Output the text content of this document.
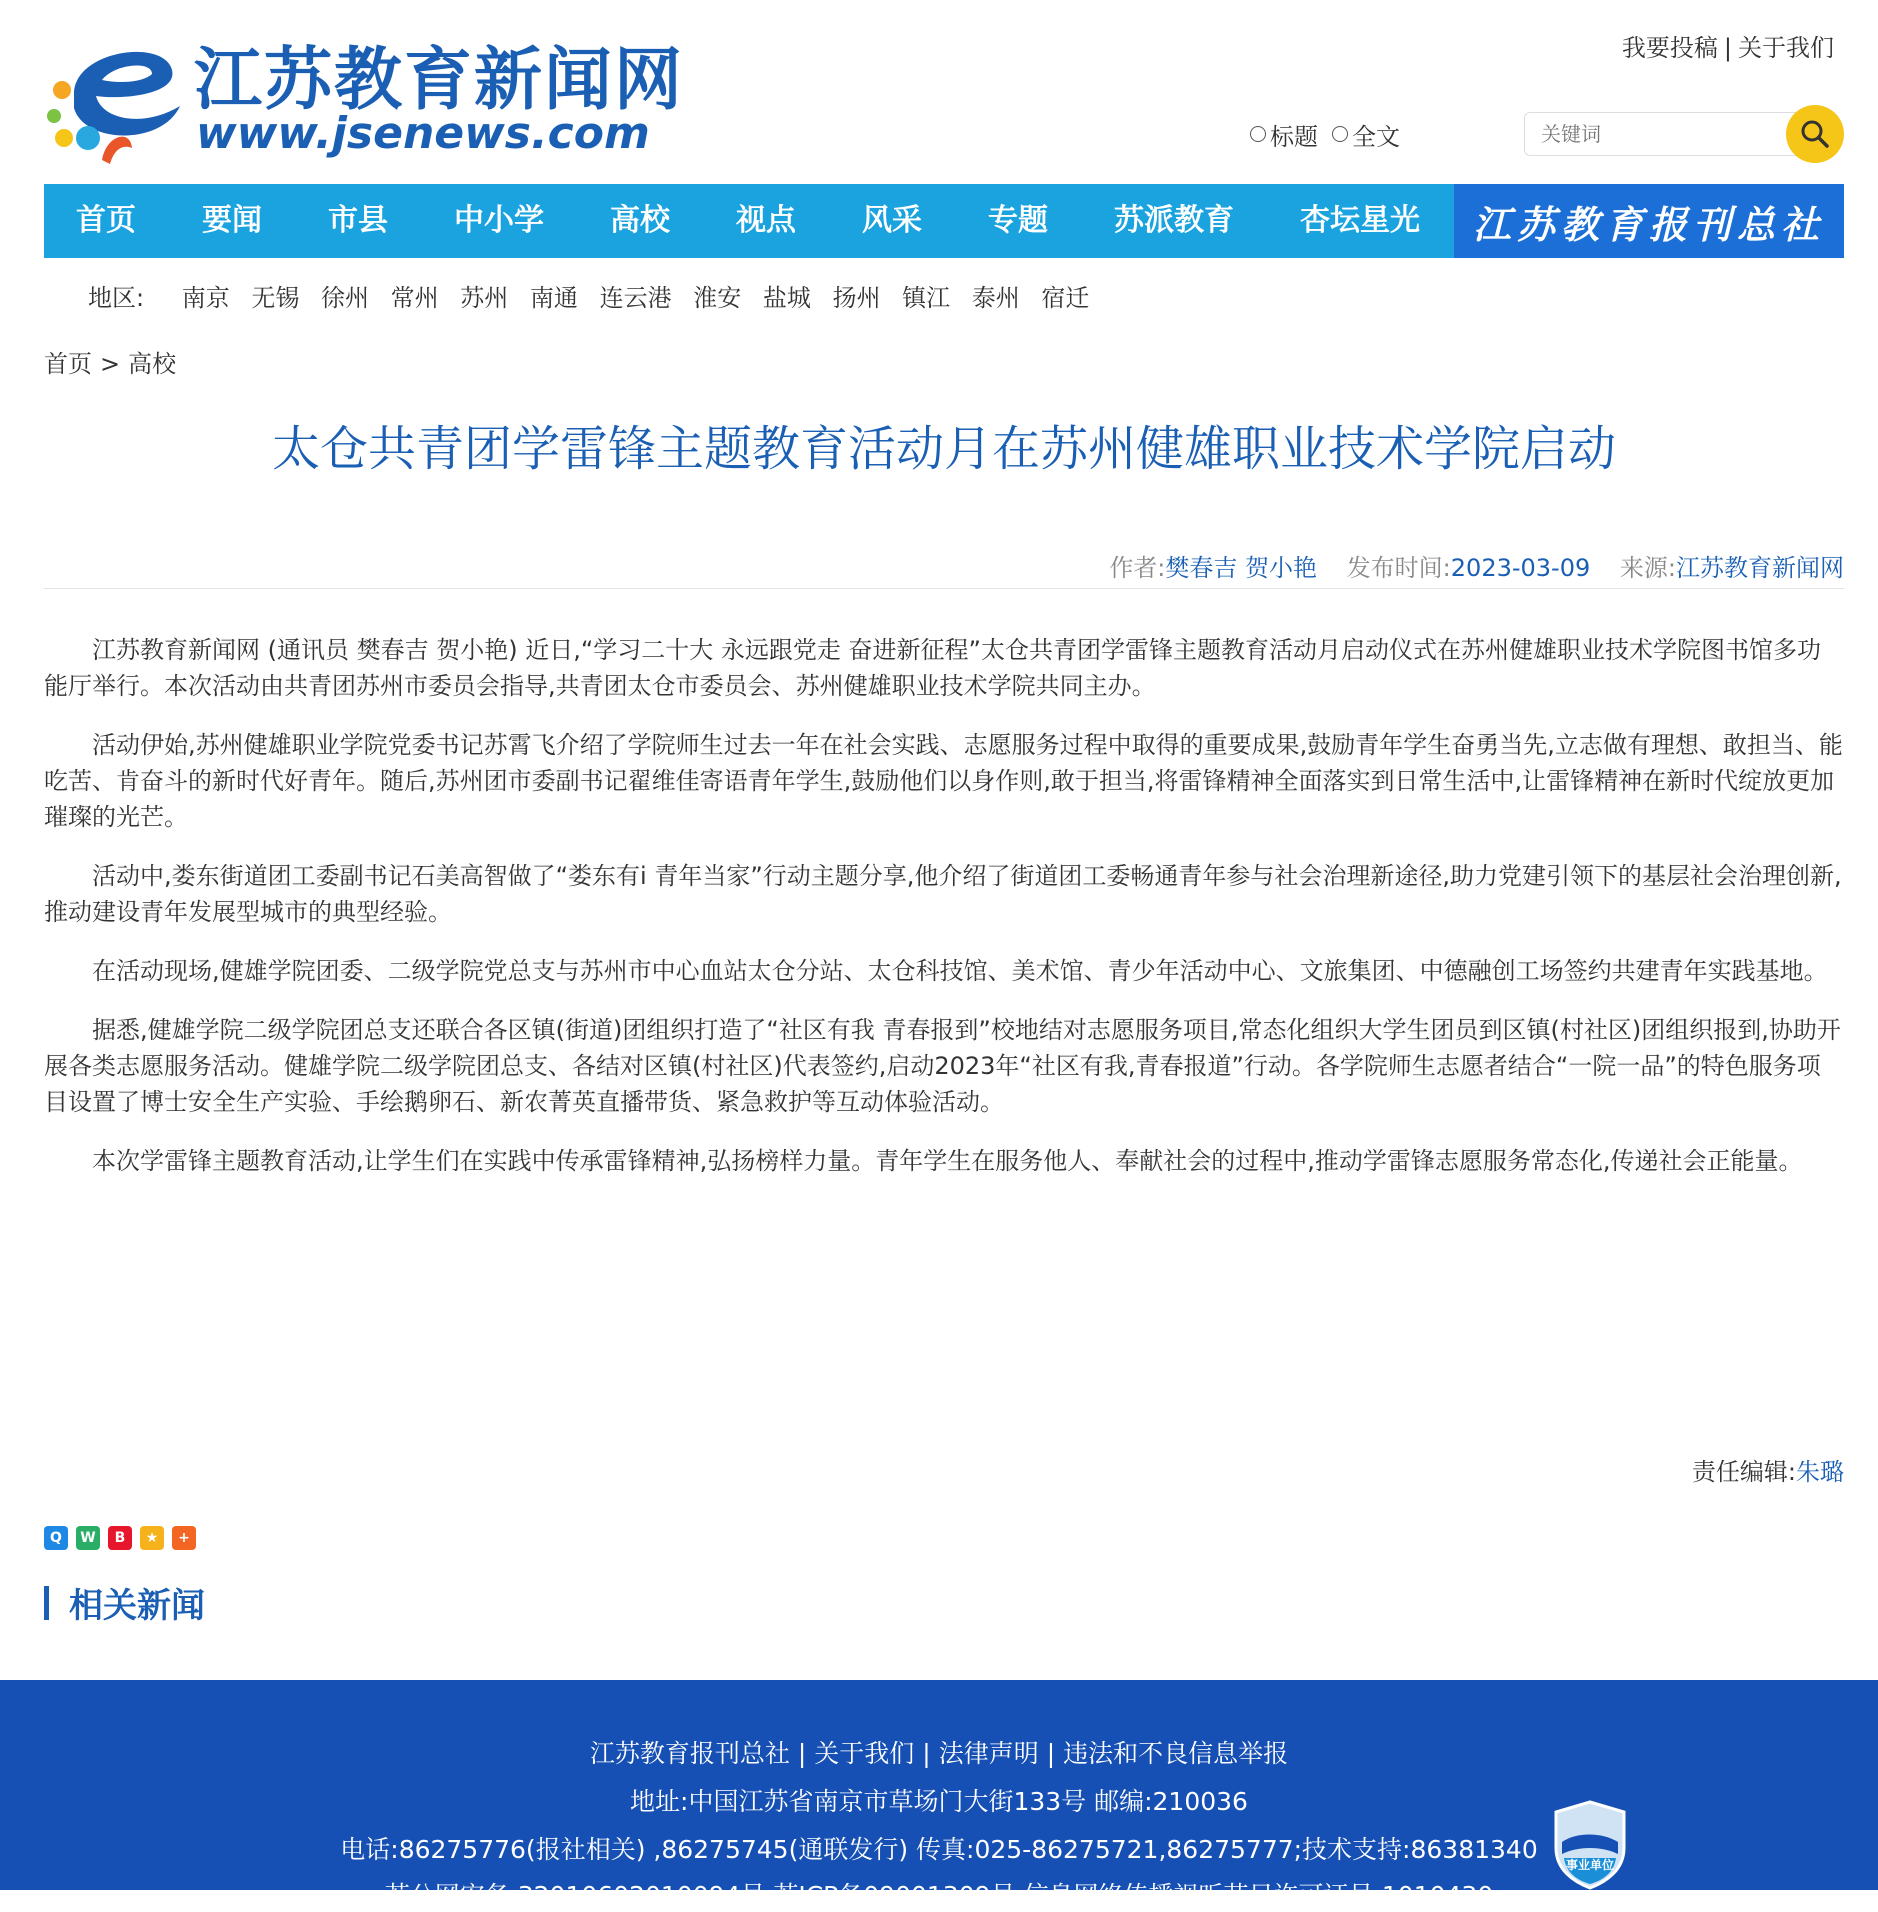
江苏教育新闻网
www.jsenews.com
我要投稿 | 关于我们
标题 全文
关键词
首页	要闻	市县	中小学	高校	视点	风采	专题	苏派教育	杏坛星光	江苏教育报刊总社
地区: 南京 无锡 徐州 常州 苏州 南通 连云港 淮安 盐城 扬州 镇江 泰州 宿迁
首页 > 高校
太仓共青团学雷锋主题教育活动月在苏州健雄职业技术学院启动
作者:樊春吉 贺小艳 发布时间:2023-03-09 来源:江苏教育新闻网

江苏教育新闻网 (通讯员 樊春吉 贺小艳) 近日,“学习二十大 永远跟党走 奋进新征程”太仓共青团学雷锋主题教育活动月启动仪式在苏州健雄职业技术学院图书馆多功能厅举行。本次活动由共青团苏州市委员会指导,共青团太仓市委员会、苏州健雄职业技术学院共同主办。

活动伊始,苏州健雄职业学院党委书记苏霄飞介绍了学院师生过去一年在社会实践、志愿服务过程中取得的重要成果,鼓励青年学生奋勇当先,立志做有理想、敢担当、能吃苦、肯奋斗的新时代好青年。随后,苏州团市委副书记翟维佳寄语青年学生,鼓励他们以身作则,敢于担当,将雷锋精神全面落实到日常生活中,让雷锋精神在新时代绽放更加璀璨的光芒。

活动中,娄东街道团工委副书记石美高智做了“娄东有i 青年当家”行动主题分享,他介绍了街道团工委畅通青年参与社会治理新途径,助力党建引领下的基层社会治理创新,推动建设青年发展型城市的典型经验。

在活动现场,健雄学院团委、二级学院党总支与苏州市中心血站太仓分站、太仓科技馆、美术馆、青少年活动中心、文旅集团、中德融创工场签约共建青年实践基地。

据悉,健雄学院二级学院团总支还联合各区镇(街道)团组织打造了“社区有我 青春报到”校地结对志愿服务项目,常态化组织大学生团员到区镇(村社区)团组织报到,协助开展各类志愿服务活动。健雄学院二级学院团总支、各结对区镇(村社区)代表签约,启动2023年“社区有我,青春报道”行动。各学院师生志愿者结合“一院一品”的特色服务项目设置了博士安全生产实验、手绘鹅卵石、新农菁英直播带货、紧急救护等互动体验活动。

本次学雷锋主题教育活动,让学生们在实践中传承雷锋精神,弘扬榜样力量。青年学生在服务他人、奉献社会的过程中,推动学雷锋志愿服务常态化,传递社会正能量。

责任编辑:朱璐
Q	W	B	★	+
相关新闻
江苏教育报刊总社 | 关于我们 | 法律声明 | 违法和不良信息举报
地址:中国江苏省南京市草场门大街133号 邮编:210036
电话:86275776(报社相关) ,86275745(通联发行) 传真:025-86275721,86275777;技术支持:86381340
苏公网安备 32010602010094号 苏ICP备09001309号 信息网络传播视听节目许可证号:1010430
事业单位
